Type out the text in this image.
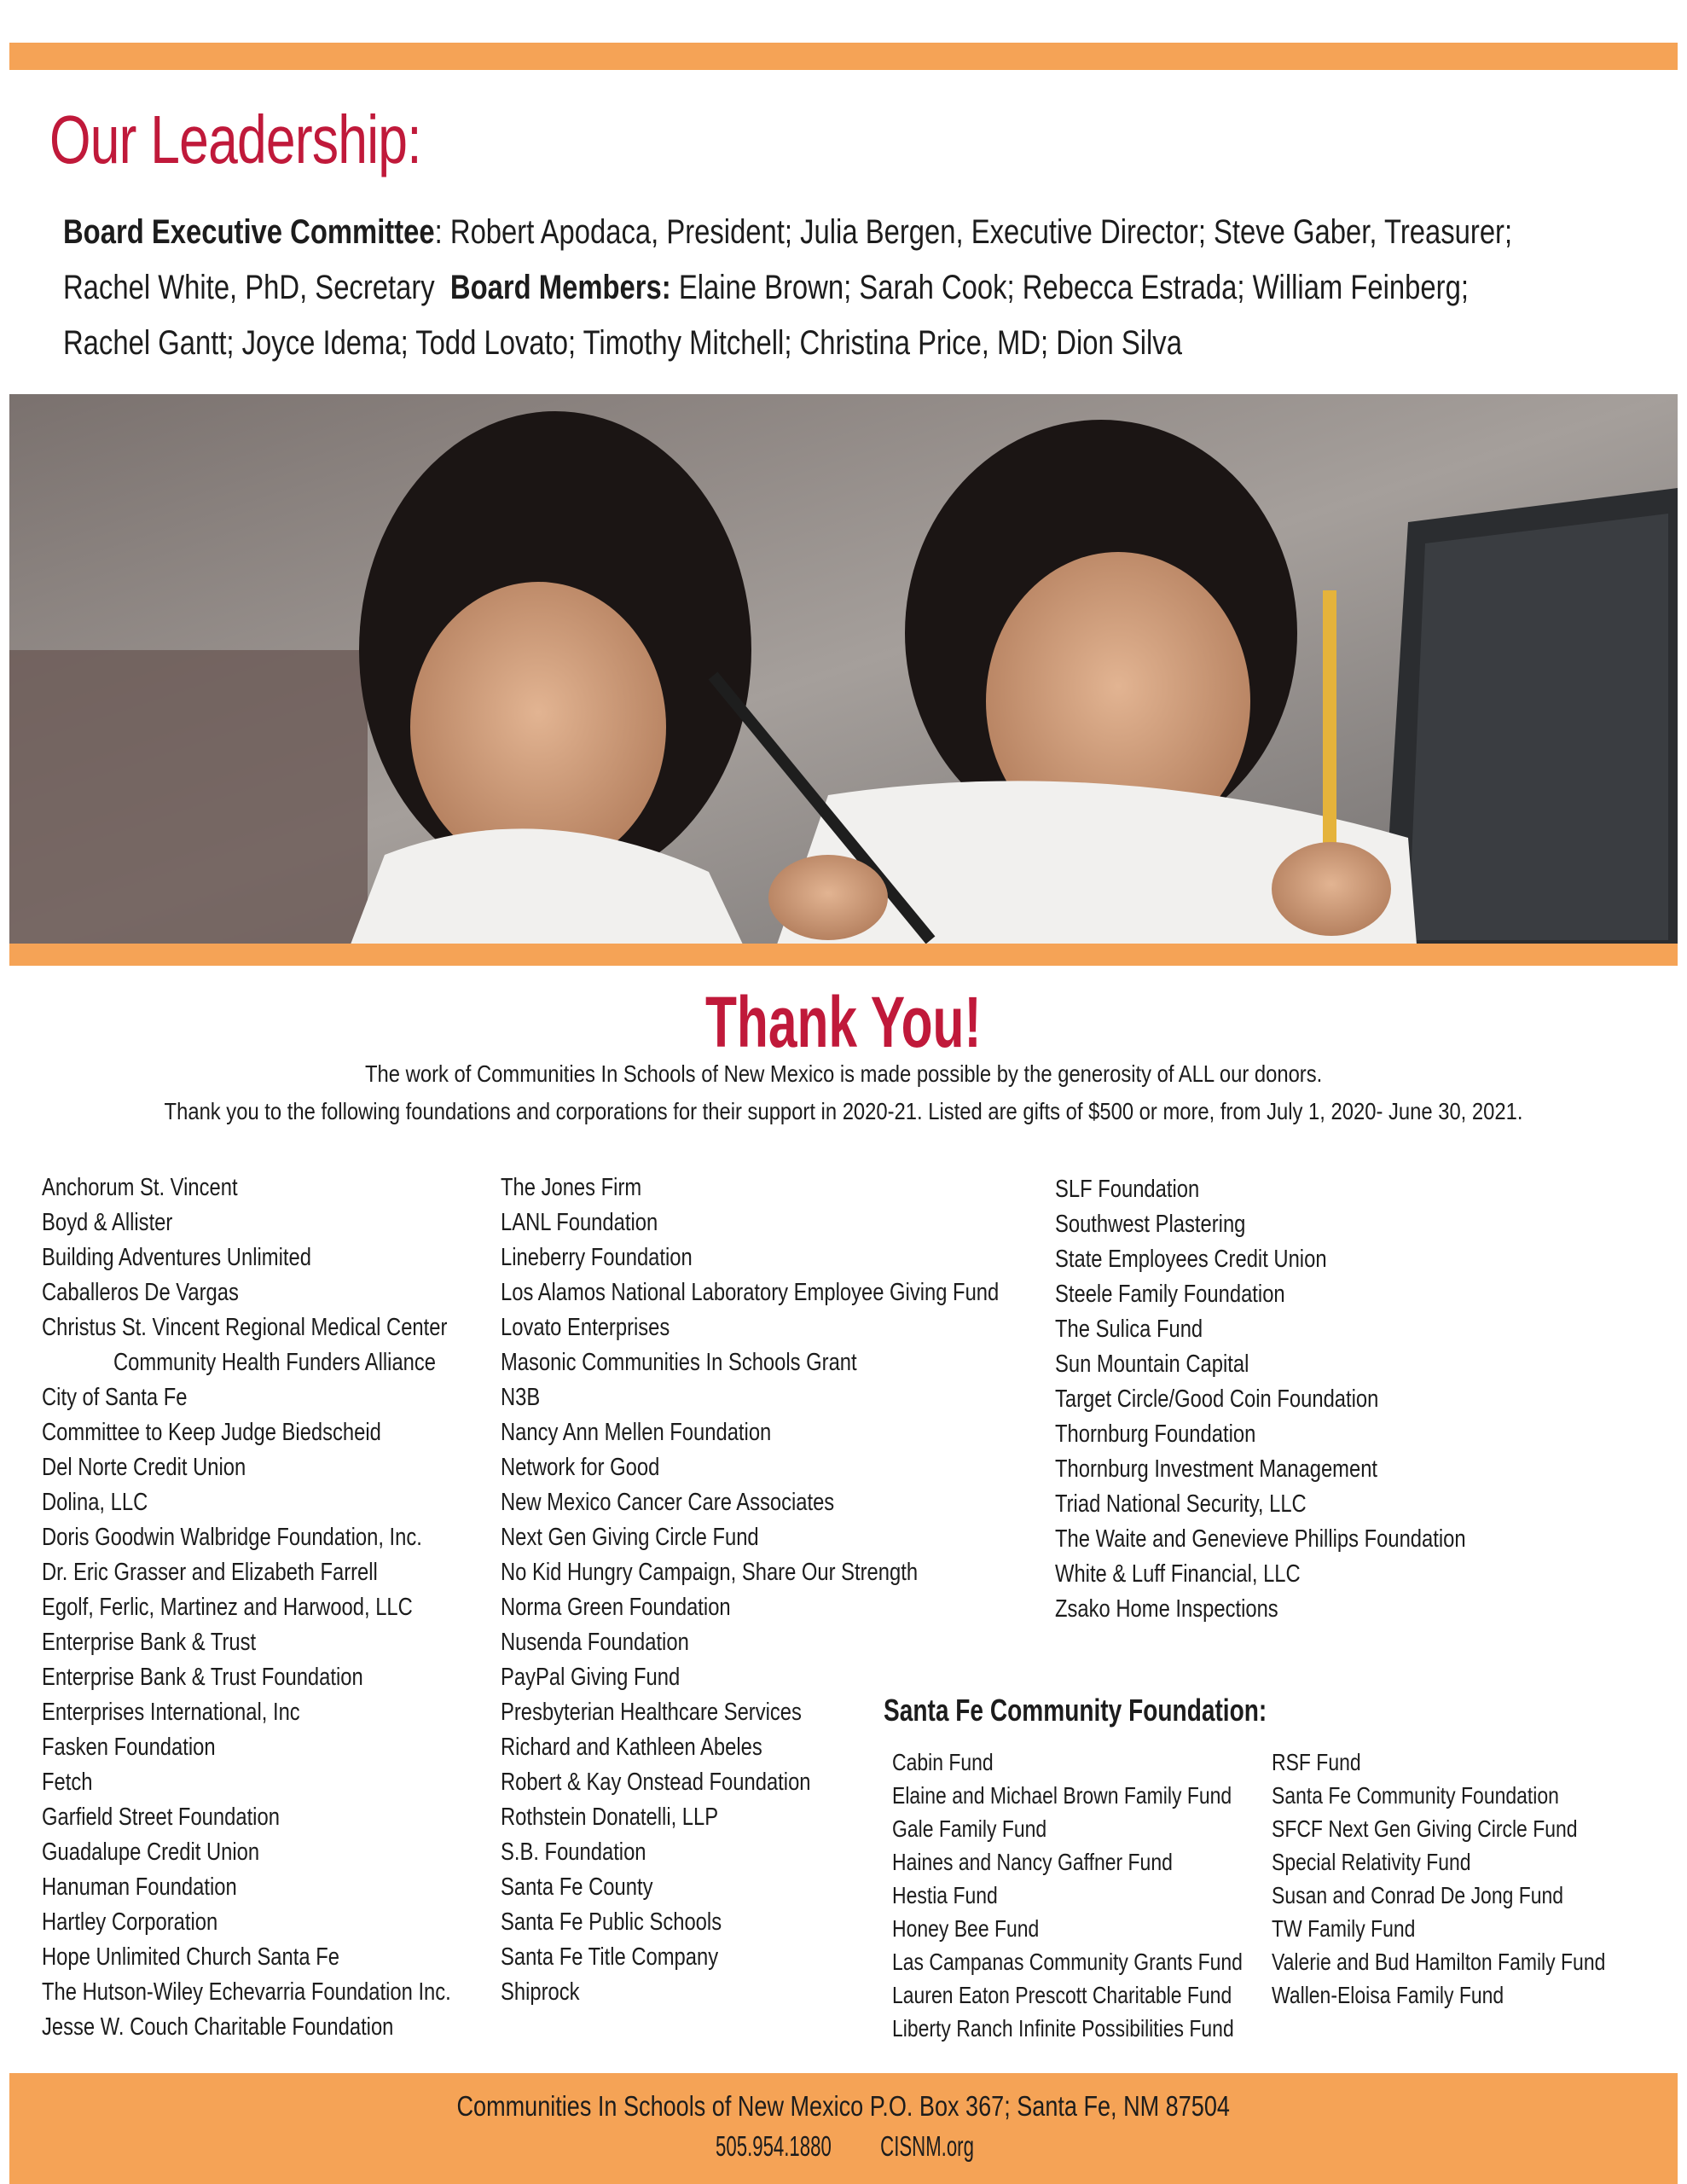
Our Leadership:
Board Executive Committee: Robert Apodaca, President; Julia Bergen, Executive Director; Steve Gaber, Treasurer;
Rachel White, PhD, Secretary Board Members: Elaine Brown; Sarah Cook; Rebecca Estrada; William Feinberg;
Rachel Gantt; Joyce Idema; Todd Lovato; Timothy Mitchell; Christina Price, MD; Dion Silva
Thank You!

The work of Communities In Schools of New Mexico is made possible by the generosity of ALL our donors.

Thank you to the following foundations and corporations for their support in 2020-21. Listed are gifts of $500 or more, from July 1, 2020- June 30, 2021.

Anchorum St. Vincent
Boyd & Allister
Building Adventures Unlimited
Caballeros De Vargas
Christus St. Vincent Regional Medical Center
Community Health Funders Alliance
City of Santa Fe
Committee to Keep Judge Biedscheid
Del Norte Credit Union
Dolina, LLC
Doris Goodwin Walbridge Foundation, Inc.
Dr. Eric Grasser and Elizabeth Farrell
Egolf, Ferlic, Martinez and Harwood, LLC
Enterprise Bank & Trust
Enterprise Bank & Trust Foundation
Enterprises International, Inc
Fasken Foundation
Fetch
Garfield Street Foundation
Guadalupe Credit Union
Hanuman Foundation
Hartley Corporation
Hope Unlimited Church Santa Fe
The Hutson-Wiley Echevarria Foundation Inc.
Jesse W. Couch Charitable Foundation
The Jones Firm
LANL Foundation
Lineberry Foundation
Los Alamos National Laboratory Employee Giving Fund
Lovato Enterprises
Masonic Communities In Schools Grant
N3B
Nancy Ann Mellen Foundation
Network for Good
New Mexico Cancer Care Associates
Next Gen Giving Circle Fund
No Kid Hungry Campaign, Share Our Strength
Norma Green Foundation
Nusenda Foundation
PayPal Giving Fund
Presbyterian Healthcare Services
Richard and Kathleen Abeles
Robert & Kay Onstead Foundation
Rothstein Donatelli, LLP
S.B. Foundation
Santa Fe County
Santa Fe Public Schools
Santa Fe Title Company
Shiprock
SLF Foundation
Southwest Plastering
State Employees Credit Union
Steele Family Foundation
The Sulica Fund
Sun Mountain Capital
Target Circle/Good Coin Foundation
Thornburg Foundation
Thornburg Investment Management
Triad National Security, LLC
The Waite and Genevieve Phillips Foundation
White & Luff Financial, LLC
Zsako Home Inspections
Santa Fe Community Foundation:
Cabin Fund
Elaine and Michael Brown Family Fund
Gale Family Fund
Haines and Nancy Gaffner Fund
Hestia Fund
Honey Bee Fund
Las Campanas Community Grants Fund
Lauren Eaton Prescott Charitable Fund
Liberty Ranch Infinite Possibilities Fund
RSF Fund
Santa Fe Community Foundation
SFCF Next Gen Giving Circle Fund
Special Relativity Fund
Susan and Conrad De Jong Fund
TW Family Fund
Valerie and Bud Hamilton Family Fund
Wallen-Eloisa Family Fund
Communities In Schools of New Mexico P.O. Box 367; Santa Fe, NM 87504
505.954.1880 CISNM.org
